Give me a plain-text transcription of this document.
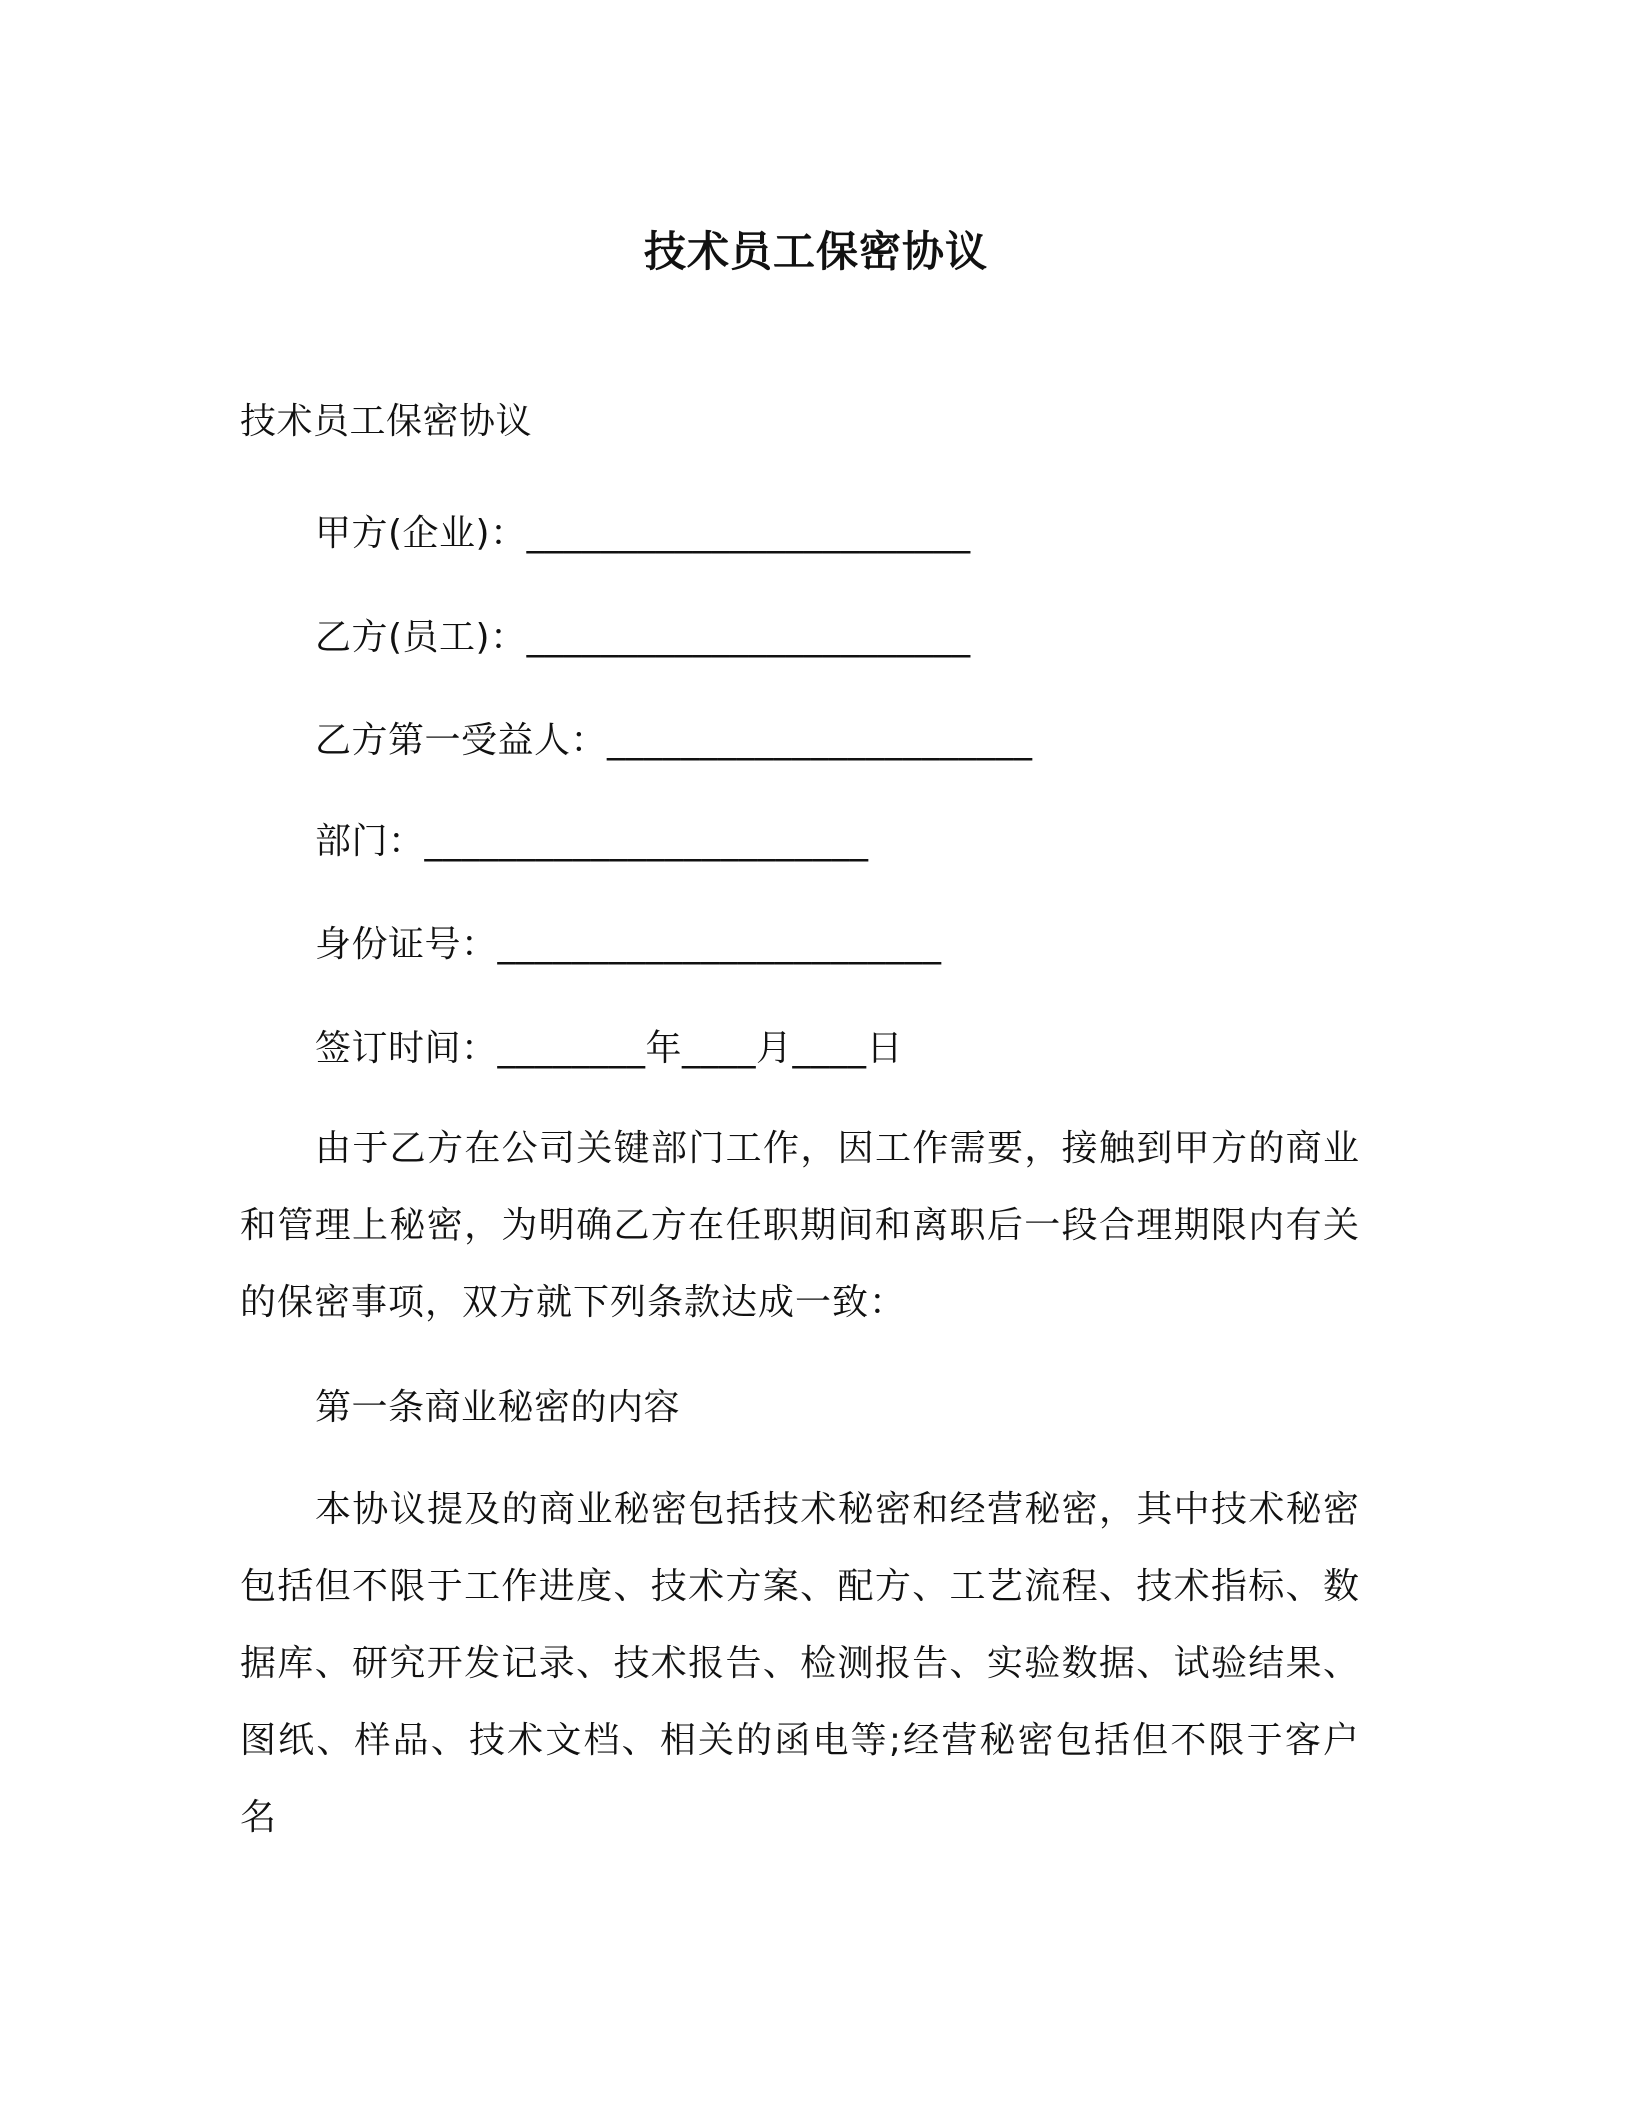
技术员工保密协议
技术员工保密协议
甲方(企业)：________________________
乙方(员工)：________________________
乙方第一受益人：_______________________
部门：________________________
身份证号：________________________
签订时间：________年____月____日
由于乙方在公司关键部门工作，因工作需要，接触到甲方的商业和管理上秘密，为明确乙方在任职期间和离职后一段合理期限内有关的保密事项，双方就下列条款达成一致：
第一条商业秘密的内容
本协议提及的商业秘密包括技术秘密和经营秘密，其中技术秘密包括但不限于工作进度、技术方案、配方、工艺流程、技术指标、数据库、研究开发记录、技术报告、检测报告、实验数据、试验结果、图纸、样品、技术文档、相关的函电等;经营秘密包括但不限于客户名
